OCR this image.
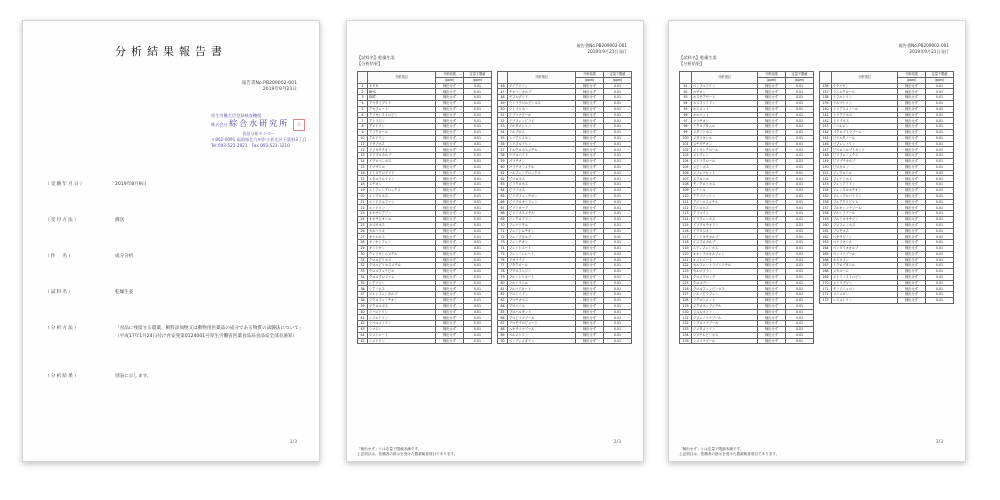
分析結果報告書
報告書No.PB209002-001
2019年9月21日
厚生労働大臣登録検査機関
株式会社 綜合水研究所 印
食品分析センター
〒802-0091 福岡県北九州市小倉北区下富野3丁目
Tel 093-521-2921　Fax 093-521-3210
（受験年月日）	2019年8月9日
（受付方法）	郵送
（件　名）	成分分析
（試料名）	乾燥生姜
（分析方法）	「食品に残留する農薬、飼料添加物又は動物用医薬品の成分である物質の試験法について」（平成17年1月24日付け食安発第0124001号厚生労働省医薬食品局食品安全部長通知）
（分析結果）	別表に示します。
1/3
報告書No.PB209002-001
2019年9月21日発行
【試料名】乾燥生姜
【分析結果】
	分析項目	分析結果	定量下限値
		(ppm)	(ppm)
1	ＥＰＮ	検出せず	0.01
2	BHC	検出せず	0.01
3	DDT	検出せず	0.01
4	アセタミプリド	検出せず	0.01
5	アセフェート	検出せず	0.01
6	アゾキシストロビン	検出せず	0.01
7	アトラジン	検出せず	0.01
8	アメトリン	検出せず	0.01
9	アラクロール	検出せず	0.01
10	アルドリン	検出せず	0.01
11	イサゾホス	検出せず	0.01
12	イソキサチオン	検出せず	0.01
13	イソプロカルブ	検出せず	0.01
14	イプロベンホス	検出せず	0.01
15	イマザリル	検出せず	0.01
16	イミダクロプリド	検出せず	0.01
17	エタルフルラリン	検出せず	0.01
18	エチオン	検出せず	0.01
19	エトフェンプロックス	検出せず	0.01
20	エトプロホス	検出せず	0.01
21	エンドスルファン	検出せず	0.01
22	エンドリン	検出せず	0.01
23	オキサジアゾン	検出せず	0.01
24	オキサジキシル	検出せず	0.01
25	カズサホス	検出せず	0.01
26	カルバリル	検出せず	0.01
27	キナルホス	検出せず	0.01
28	キノキシフェン	検出せず	0.01
29	キントゼン	検出せず	0.01
30	クレソキシムメチル	検出せず	0.01
31	クロルピリホス	検出せず	0.01
32	クロルピリホスメチル	検出せず	0.01
33	クロルフェナピル	検出せず	0.01
34	クロルプロファム	検出せず	0.01
35	シアナジン	検出せず	0.01
36	シアノホス	検出せず	0.01
37	ジエトフェンカルブ	検出せず	0.01
38	ジクロフェンチオン	検出せず	0.01
39	ジクロルボス	検出せず	0.01
40	シハロトリン	検出せず	0.01
41	シフルトリン	検出せず	0.01
42	シペルメトリン	検出せず	0.01
43	シマジン	検出せず	0.01
44	ジメトエート	検出せず	0.01
45	シメトリン	検出せず	0.01
	分析項目	分析結果	定量下限値
		(ppm)	(ppm)
46	ダイアジノン	検出せず	0.01
47	チオベンカルブ	検出せず	0.01
48	チフルザミド	検出せず	0.01
49	テトラクロルビンホス	検出せず	0.01
50	テトラジホン	検出せず	0.01
51	テブコナゾール	検出せず	0.01
52	テブフェンピラド	検出せず	0.01
53	デルタメトリン	検出せず	0.01
54	テルブホス	検出せず	0.01
55	トリアジメホン	検出せず	0.01
56	トリフルラリン	検出せず	0.01
57	トルクロホスメチル	検出せず	0.01
58	ナプロパミド	検出せず	0.01
59	パラチオン	検出せず	0.01
60	パラチオンメチル	検出せず	0.01
61	ハルフェンプロックス	検出せず	0.01
62	ピペロホス	検出せず	0.01
63	ピラクロホス	検出せず	0.01
64	ピラゾホス	検出せず	0.01
65	ピリダフェンチオン	検出せず	0.01
66	ピリプロキシフェン	検出せず	0.01
67	ピリミカーブ	検出せず	0.01
68	ピリミホスメチル	検出せず	0.01
69	ビンクロゾリン	検出せず	0.01
70	フェナリモル	検出せず	0.01
71	フェニトロチオン	検出せず	0.01
72	フェノブカルブ	検出せず	0.01
73	フェンチオン	検出せず	0.01
74	フェントエート	検出せず	0.01
75	フェンバレレート	検出せず	0.01
76	フサライド	検出せず	0.01
77	ブタクロール	検出せず	0.01
78	ブプロフェジン	検出せず	0.01
79	フルシトリネート	検出せず	0.01
80	フルトラニル	検出せず	0.01
81	フルバリネート	検出せず	0.01
82	プロシミドン	検出せず	0.01
83	プロチオホス	検出せず	0.01
84	プロパニル	検出せず	0.01
85	プロパルギット	検出せず	0.01
86	プロピコナゾール	検出せず	0.01
87	ブロモプロピレート	検出せず	0.01
88	ヘキサコナゾール	検出せず	0.01
89	ペルメトリン	検出せず	0.01
90	ペンディメタリン	検出せず	0.01
「検出せず」とは定量下限値未満です。
上記項目は、依頼者の指示を受けた農薬検査項目であります。
2/3
報告書No.PB209002-001
2019年9月21日発行
【試料名】乾燥生姜
【分析結果】
	分析項目	分析結果	定量下限値
		(ppm)	(ppm)
91	ベンフルラリン	検出せず	0.01
92	ホサロン	検出せず	0.01
93	ホスチアゼート	検出せず	0.01
94	ホスファミドン	検出せず	0.01
95	ホスメット	検出せず	0.01
96	ホルペット	検出せず	0.01
97	マラチオン	検出せず	0.01
98	ミクロブタニル	検出せず	0.01
99	メタミドホス	検出せず	0.01
100	メタラキシル	検出せず	0.01
101	メチダチオン	検出せず	0.01
102	メトキシクロール	検出せず	0.01
103	メトプレン	検出せず	0.01
104	メトラクロール	検出せず	0.01
105	メビンホス	検出せず	0.01
106	メフェナセット	検出せず	0.01
107	メプロニル	検出せず	0.01
108	モノクロトホス	検出せず	0.01
109	レナシル	検出せず	0.01
110	アクリナトリン	検出せず	0.01
111	アジンホスメチル	検出せず	0.01
112	アニロホス	検出せず	0.01
113	アラマイト	検出せず	0.01
114	イソフェンホス	検出せず	0.01
115	イソプロチオラン	検出せず	0.01
116	イプロジオン	検出せず	0.01
117	インドキサカルブ	検出せず	0.01
118	エスプロカルブ	検出せず	0.01
119	エディフェンホス	検出せず	0.01
120	オキシフルオルフェン	検出せず	0.01
121	オメトエート	検出せず	0.01
122	カルフェントラゾンエチル	検出せず	0.01
123	カルボフラン	検出せず	0.01
124	クロメプロップ	検出せず	0.01
125	クロルデン	検出せず	0.01
126	クロルフェンビンホス	検出せず	0.01
127	シエノピラフェン	検出せず	0.01
128	ジクロシメット	検出せず	0.01
129	ジクロホップメチル	検出せず	0.01
130	ジスルホトン	検出せず	0.01
131	ジフェノコナゾール	検出せず	0.01
132	シプロコナゾール	検出せず	0.01
133	ジメタメトリン	検出せず	0.01
134	ジメチルビンホス	検出せず	0.01
135	シメコナゾール	検出せず	0.01
	分析項目	分析結果	定量下限値
		(ppm)	(ppm)
136	テクナゼン	検出せず	0.01
137	テニルクロール	検出せず	0.01
138	テフルトリン	検出せず	0.01
139	テルブトリン	検出せず	0.01
140	トリアジメノール	検出せず	0.01
141	トリアゾホス	検出せず	0.01
142	トリブホス	検出せず	0.01
143	ノバルロン	検出せず	0.01
144	パクロブトラゾール	検出せず	0.01
145	ビテルタノール	検出せず	0.01
146	ビフェントリン	検出せず	0.01
147	ピペロニルブトキシド	検出せず	0.01
148	ピリフェノックス	検出せず	0.01
149	ピリブチカルブ	検出せず	0.01
150	ピロキロン	検出せず	0.01
151	フィプロニル	検出せず	0.01
152	フェナミホス	検出せず	0.01
153	フェンアミドン	検出せず	0.01
154	フェンスルホチオン	検出せず	0.01
155	フェンプロパトリン	検出せず	0.01
156	フルアクリピリム	検出せず	0.01
157	フルキンコナゾール	検出せず	0.01
158	フルシラゾール	検出せず	0.01
159	フルミオキサジン	検出せず	0.01
160	プロフェノホス	検出せず	0.01
161	ブロモホス	検出せず	0.01
162	ヘキサジノン	検出せず	0.01
163	ベナラキシル	検出せず	0.01
164	ベンダイオカルブ	検出せず	0.01
165	ペンコナゾール	検出せず	0.01
166	ホスホラン	検出せず	0.01
167	ミクロブタニル	検出せず	0.01
168	メカルバム	検出せず	0.01
169	メトミノストロビン	検出せず	0.01
170	メトリブジン	検出せず	0.01
171	モノリニュロン	検出せず	0.01
172	リニュロン	検出せず	0.01
173	レスメトリン	検出せず	0.01
「検出せず」とは定量下限値未満です。
上記項目は、依頼者の指示を受けた農薬検査項目であります。
3/3
